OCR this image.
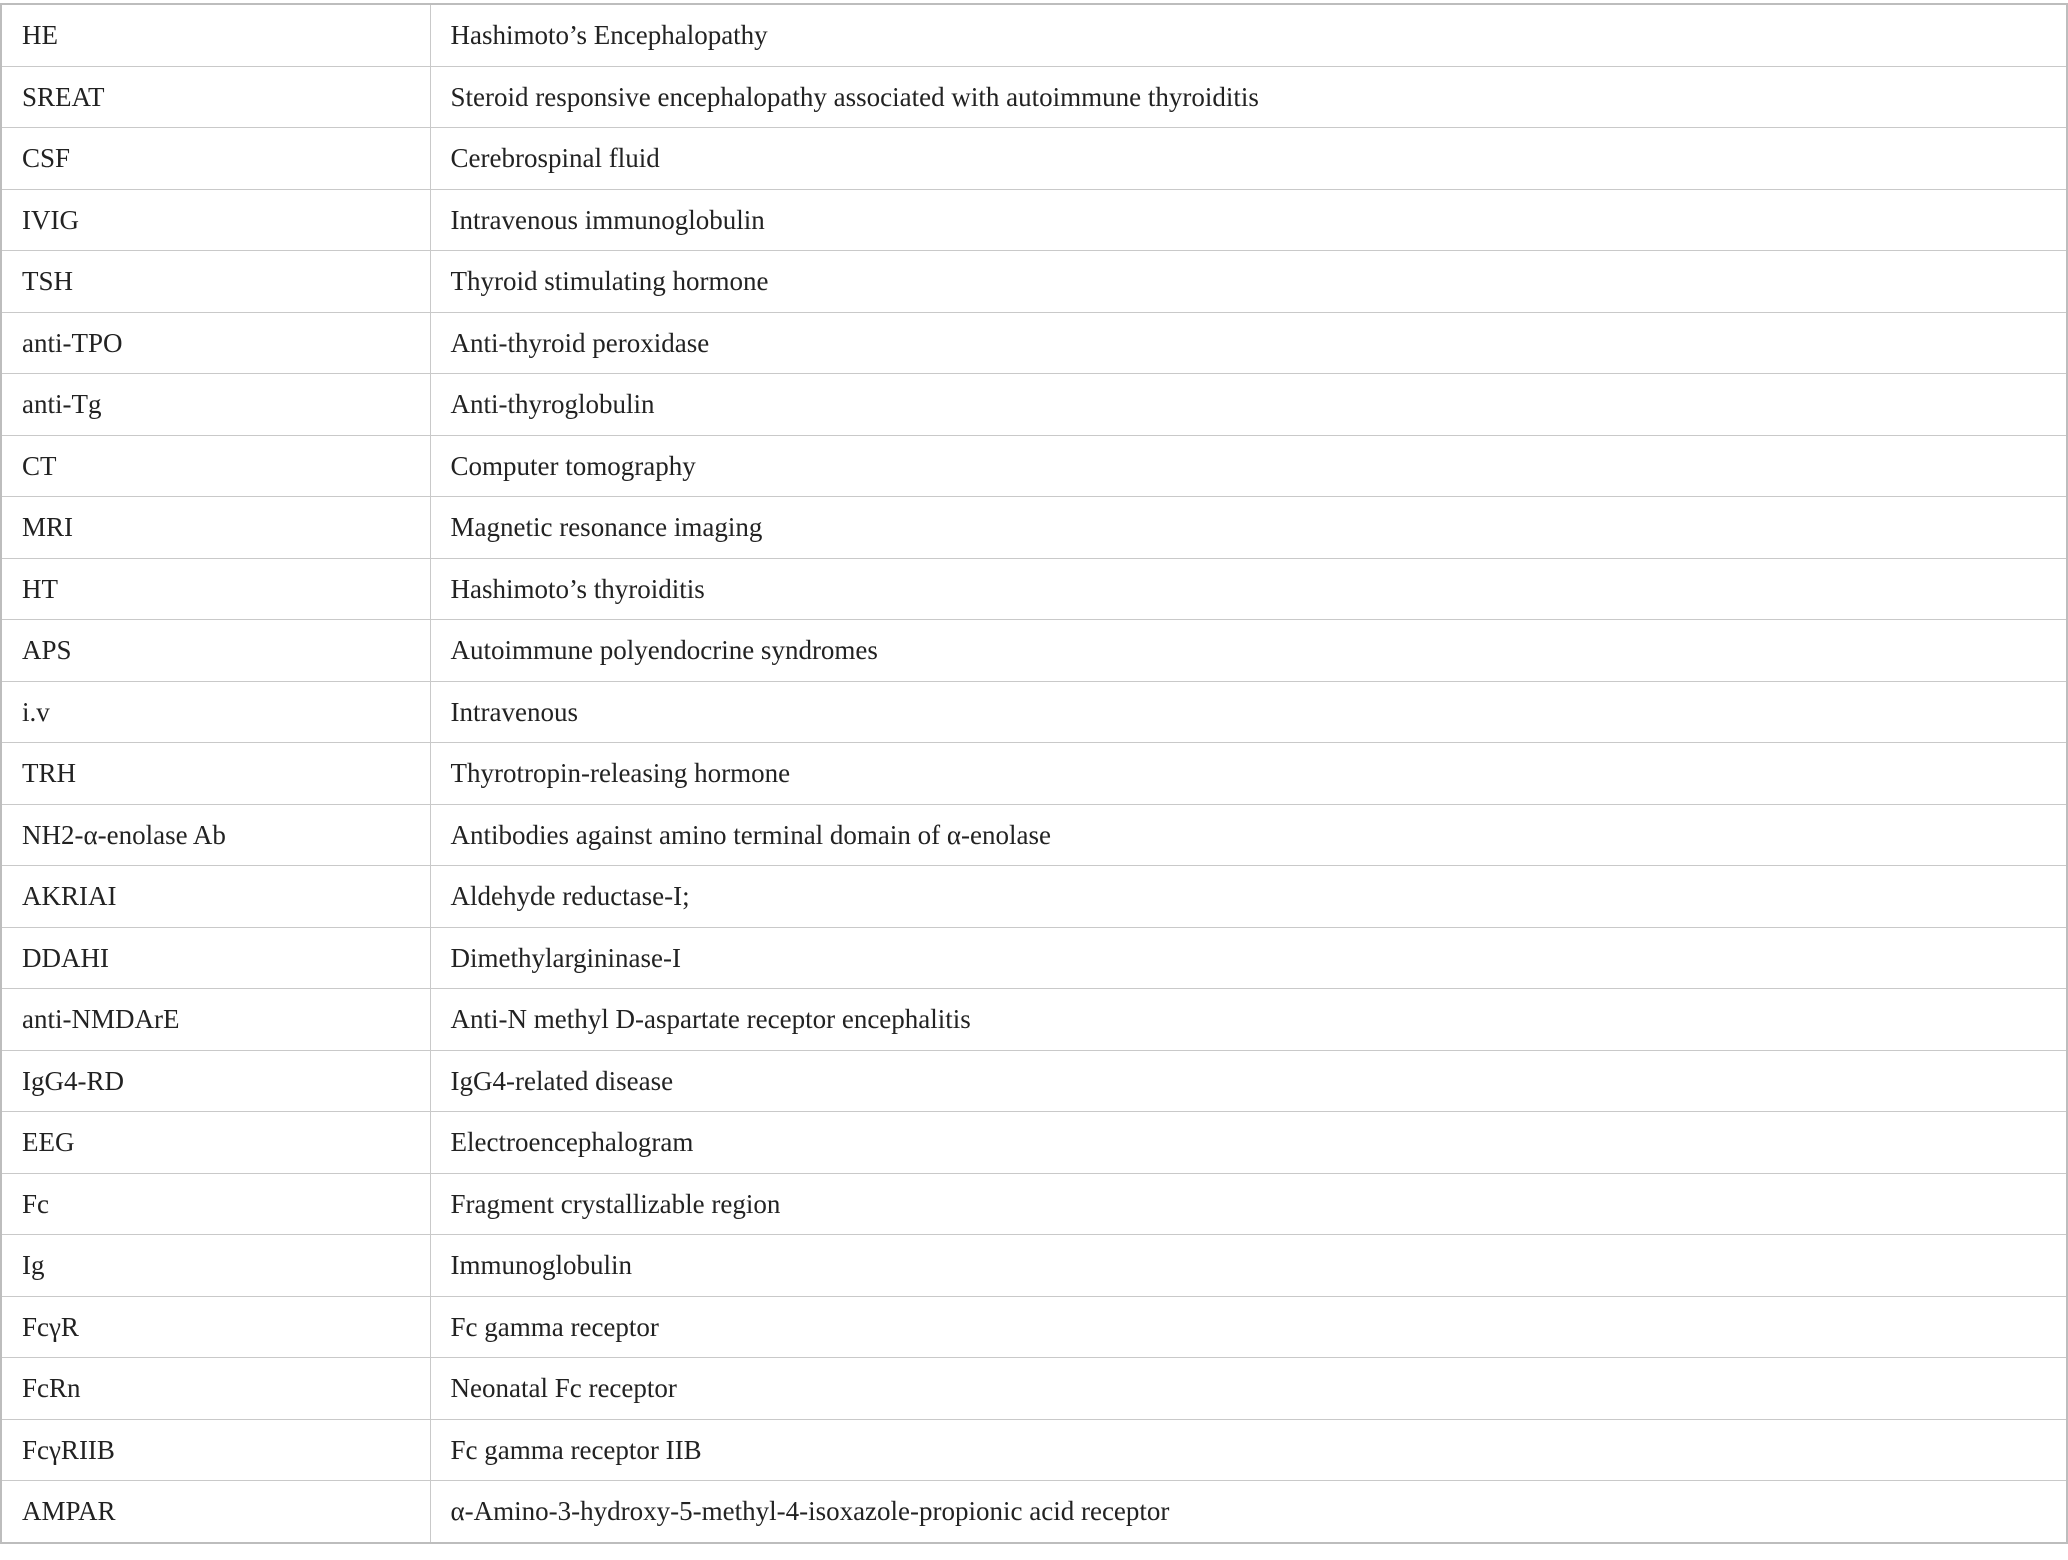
HE	Hashimoto’s Encephalopathy
SREAT	Steroid responsive encephalopathy associated with autoimmune thyroiditis
CSF	Cerebrospinal fluid
IVIG	Intravenous immunoglobulin
TSH	Thyroid stimulating hormone
anti-TPO	Anti-thyroid peroxidase
anti-Tg	Anti-thyroglobulin
CT	Computer tomography
MRI	Magnetic resonance imaging
HT	Hashimoto’s thyroiditis
APS	Autoimmune polyendocrine syndromes
i.v	Intravenous
TRH	Thyrotropin-releasing hormone
NH2-α-enolase Ab	Antibodies against amino terminal domain of α-enolase
AKRIAI	Aldehyde reductase-I;
DDAHI	Dimethylargininase-I
anti-NMDArE	Anti-N methyl D-aspartate receptor encephalitis
IgG4-RD	IgG4-related disease
EEG	Electroencephalogram
Fc	Fragment crystallizable region
Ig	Immunoglobulin
FcγR	Fc gamma receptor
FcRn	Neonatal Fc receptor
FcγRIIB	Fc gamma receptor IIB
AMPAR	α-Amino-3-hydroxy-5-methyl-4-isoxazole-propionic acid receptor
